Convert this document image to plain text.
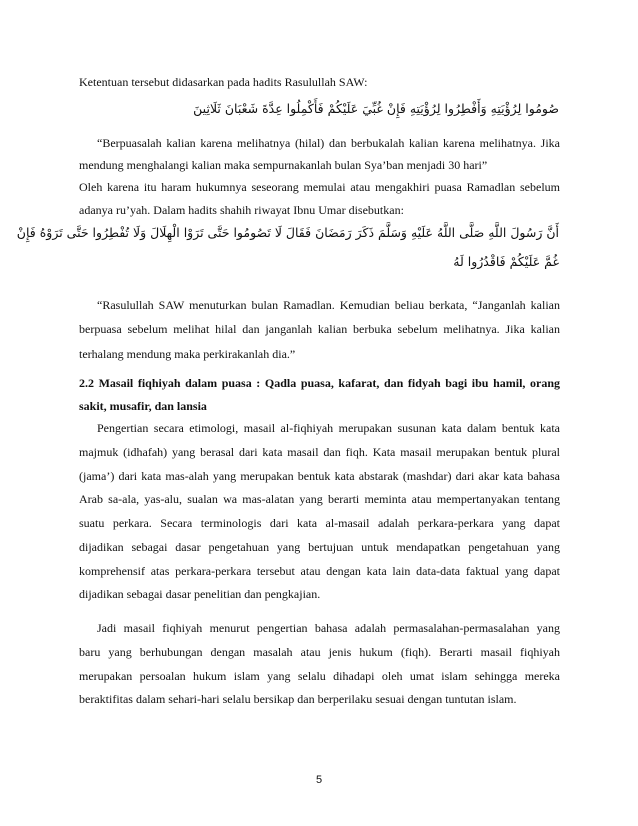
Ketentuan tersebut didasarkan pada hadits Rasulullah SAW:
صُومُوا لِرُؤْيَتِهِ وَأَفْطِرُوا لِرُؤْيَتِهِ فَإِنْ غُبِّيَ عَلَيْكُمْ فَأَكْمِلُوا عِدَّةَ شَعْبَانَ ثَلَاثِينَ
“Berpuasalah kalian karena melihatnya (hilal) dan berbukalah kalian karena melihatnya. Jika
mendung menghalangi kalian maka sempurnakanlah bulan Sya’ban menjadi 30 hari”
Oleh karena itu haram hukumnya seseorang memulai atau mengakhiri puasa Ramadlan sebelum
adanya ru’yah. Dalam hadits shahih riwayat Ibnu Umar disebutkan:
أَنَّ رَسُولَ اللَّهِ صَلَّى اللَّهُ عَلَيْهِ وَسَلَّمَ ذَكَرَ رَمَضَانَ فَقَالَ لَا تَصُومُوا حَتَّى تَرَوْا الْهِلَالَ وَلَا تُفْطِرُوا حَتَّى تَرَوْهُ فَإِنْ
غُمَّ عَلَيْكُمْ فَاقْدُرُوا لَهُ
“Rasulullah SAW menuturkan bulan Ramadlan. Kemudian beliau berkata, “Janganlah kalian
berpuasa sebelum melihat hilal dan janganlah kalian berbuka sebelum melihatnya. Jika kalian
terhalang mendung maka perkirakanlah dia.”
2.2 Masail fiqhiyah dalam puasa : Qadla puasa, kafarat, dan fidyah bagi ibu hamil, orang
sakit, musafir, dan lansia
Pengertian secara etimologi, masail al-fiqhiyah merupakan susunan kata dalam bentuk kata
majmuk (idhafah) yang berasal dari kata masail dan fiqh. Kata masail merupakan bentuk plural
(jama’) dari kata mas-alah yang merupakan bentuk kata abstarak (mashdar) dari akar kata bahasa
Arab sa-ala, yas-alu, sualan wa mas-alatan yang berarti meminta atau mempertanyakan tentang
suatu perkara. Secara terminologis dari kata al-masail adalah perkara-perkara yang dapat
dijadikan sebagai dasar pengetahuan yang bertujuan untuk mendapatkan pengetahuan yang
komprehensif atas perkara-perkara tersebut atau dengan kata lain data-data faktual yang dapat
dijadikan sebagai dasar penelitian dan pengkajian.
Jadi masail fiqhiyah menurut pengertian bahasa adalah permasalahan-permasalahan yang
baru yang berhubungan dengan masalah atau jenis hukum (fiqh). Berarti masail fiqhiyah
merupakan persoalan hukum islam yang selalu dihadapi oleh umat islam sehingga mereka
beraktifitas dalam sehari-hari selalu bersikap dan berperilaku sesuai dengan tuntutan islam.
5
